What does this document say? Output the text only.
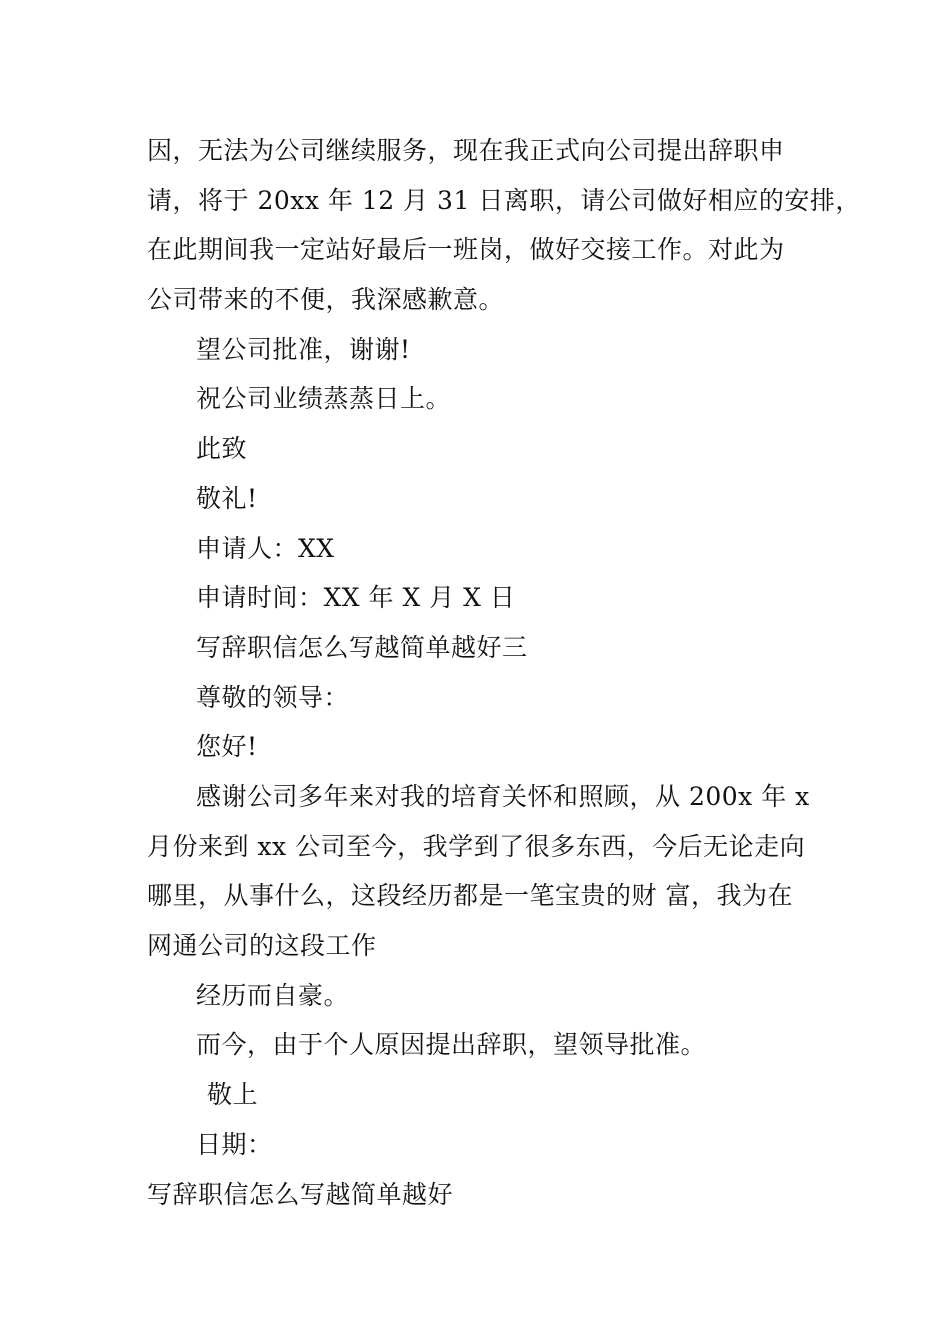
因，无法为公司继续服务，现在我正式向公司提出辞职申
请，将于 20xx 年 12 月 31 日离职，请公司做好相应的安排，
在此期间我一定站好最后一班岗，做好交接工作。对此为
公司带来的不便，我深感歉意。
望公司批准，谢谢!
祝公司业绩蒸蒸日上。
此致
敬礼!
申请人：XX
申请时间：XX 年 X 月 X 日
写辞职信怎么写越简单越好三
尊敬的领导：
您好!
感谢公司多年来对我的培育关怀和照顾，从 200x 年 x
月份来到 xx 公司至今，我学到了很多东西，今后无论走向
哪里，从事什么，这段经历都是一笔宝贵的财 富，我为在
网通公司的这段工作
经历而自豪。
而今，由于个人原因提出辞职，望领导批准。
敬上
日期：
写辞职信怎么写越简单越好
